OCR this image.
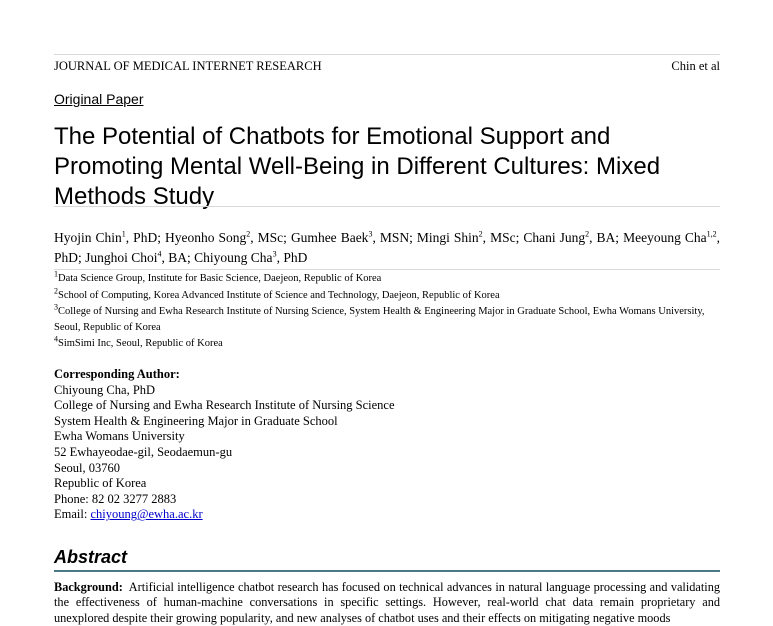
JOURNAL OF MEDICAL INTERNET RESEARCH	Chin et al
Original Paper
The Potential of Chatbots for Emotional Support and Promoting Mental Well-Being in Different Cultures: Mixed Methods Study
Hyojin Chin$^1$, PhD; Hyeonho Song$^2$, MSc; Gumhee Baek$^3$, MSN; Mingi Shin$^2$, MSc; Chani Jung$^2$, BA; Meeyoung Cha$^{1,2}$, PhD; Junghoi Choi$^4$, BA; Chiyoung Cha$^3$, PhD

$^1$Data Science Group, Institute for Basic Science, Daejeon, Republic of Korea

$^2$School of Computing, Korea Advanced Institute of Science and Technology, Daejeon, Republic of Korea

$^3$College of Nursing and Ewha Research Institute of Nursing Science, System Health & Engineering Major in Graduate School, Ewha Womans University, Seoul, Republic of Korea

$^4$SimSimi Inc, Seoul, Republic of Korea

Corresponding Author:
Chiyoung Cha, PhD
College of Nursing and Ewha Research Institute of Nursing Science
System Health & Engineering Major in Graduate School
Ewha Womans University
52 Ewhayeodae-gil, Seodaemun-gu
Seoul, 03760
Republic of Korea
Phone: 82 02 3277 2883
Email: chiyoung@ewha.ac.kr
Abstract
Background: Artificial intelligence chatbot research has focused on technical advances in natural language processing and validating the effectiveness of human-machine conversations in specific settings. However, real-world chat data remain proprietary and unexplored despite their growing popularity, and new analyses of chatbot uses and their effects on mitigating negative moods
